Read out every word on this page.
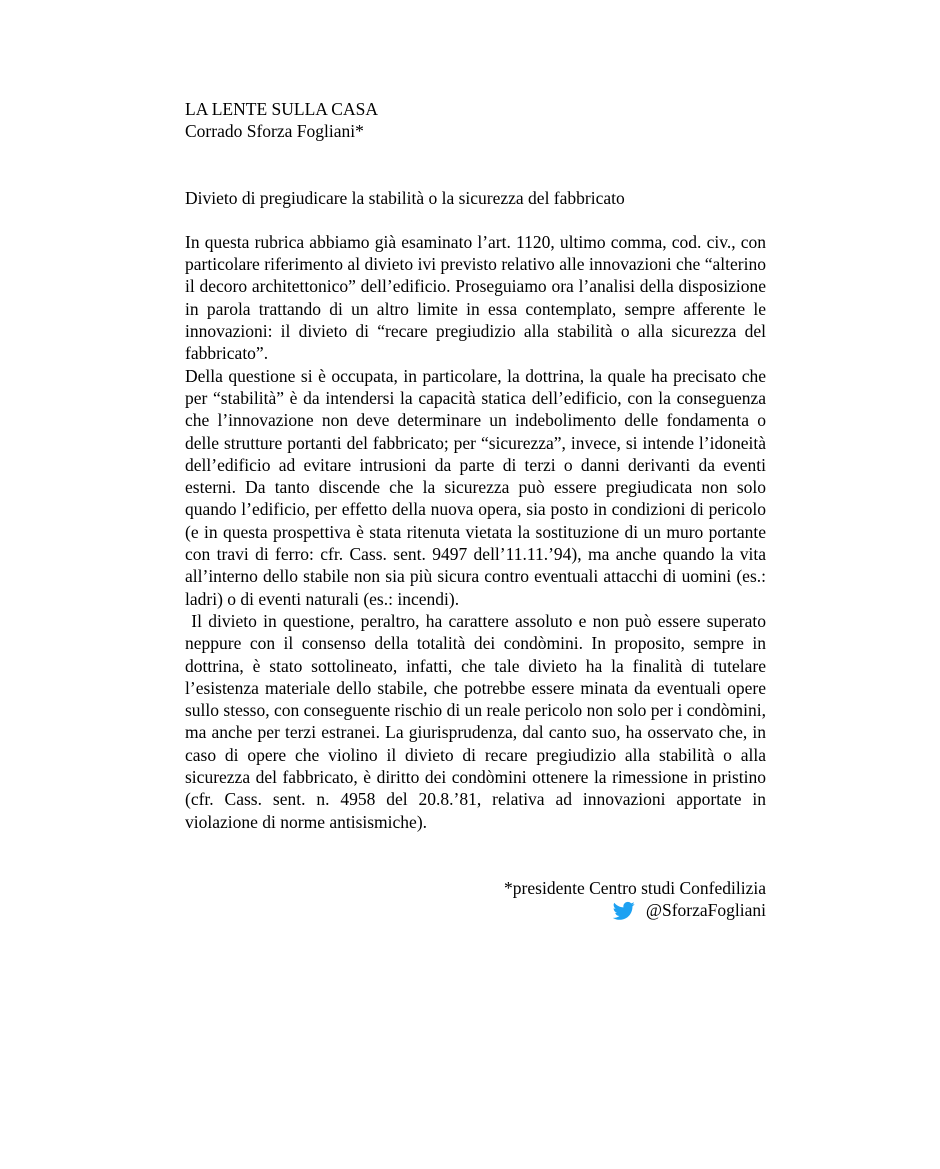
LA LENTE SULLA CASA
Corrado Sforza Fogliani*
Divieto di pregiudicare la stabilità o la sicurezza del fabbricato

In questa rubrica abbiamo già esaminato l’art. 1120, ultimo comma, cod. civ., con particolare riferimento al divieto ivi previsto relativo alle innovazioni che “alterino il decoro architettonico” dell’edificio. Proseguiamo ora l’analisi della disposizione in parola trattando di un altro limite in essa contemplato, sempre afferente le innovazioni: il divieto di “recare pregiudizio alla stabilità o alla sicurezza del fabbricato”.

Della questione si è occupata, in particolare, la dottrina, la quale ha precisato che per “stabilità” è da intendersi la capacità statica dell’edificio, con la conseguenza che l’innovazione non deve determinare un indebolimento delle fondamenta o delle strutture portanti del fabbricato; per “sicurezza”, invece, si intende l’idoneità dell’edificio ad evitare intrusioni da parte di terzi o danni derivanti da eventi esterni. Da tanto discende che la sicurezza può essere pregiudicata non solo quando l’edificio, per effetto della nuova opera, sia posto in condizioni di pericolo (e in questa prospettiva è stata ritenuta vietata la sostituzione di un muro portante con travi di ferro: cfr. Cass. sent. 9497 dell’11.11.’94), ma anche quando la vita all’interno dello stabile non sia più sicura contro eventuali attacchi di uomini (es.: ladri) o di eventi naturali (es.: incendi).

Il divieto in questione, peraltro, ha carattere assoluto e non può essere superato neppure con il consenso della totalità dei condòmini. In proposito, sempre in dottrina, è stato sottolineato, infatti, che tale divieto ha la finalità di tutelare l’esistenza materiale dello stabile, che potrebbe essere minata da eventuali opere sullo stesso, con conseguente rischio di un reale pericolo non solo per i condòmini, ma anche per terzi estranei. La giurisprudenza, dal canto suo, ha osservato che, in caso di opere che violino il divieto di recare pregiudizio alla stabilità o alla sicurezza del fabbricato, è diritto dei condòmini ottenere la rimessione in pristino (cfr. Cass. sent. n. 4958 del 20.8.’81, relativa ad innovazioni apportate in violazione di norme antisismiche).

*presidente Centro studi Confedilizia
@SforzaFogliani
